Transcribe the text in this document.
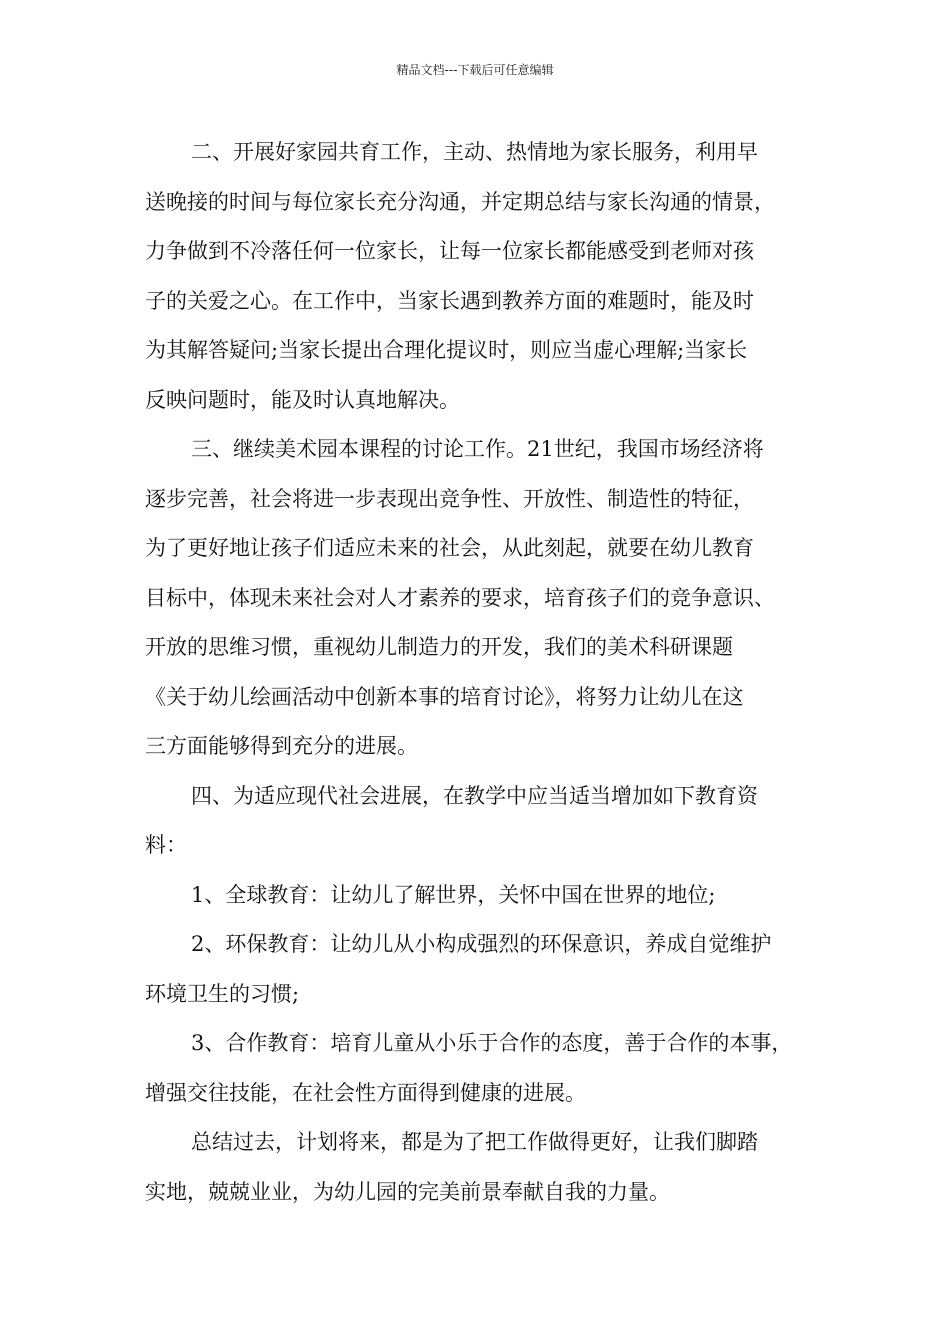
精品文档---下载后可任意编辑
二、开展好家园共育工作，主动、热情地为家长服务，利用早
送晚接的时间与每位家长充分沟通，并定期总结与家长沟通的情景，
力争做到不冷落任何一位家长，让每一位家长都能感受到老师对孩
子的关爱之心。在工作中，当家长遇到教养方面的难题时，能及时
为其解答疑问;当家长提出合理化提议时，则应当虚心理解;当家长
反映问题时，能及时认真地解决。
三、继续美术园本课程的讨论工作。21世纪，我国市场经济将
逐步完善，社会将进一步表现出竞争性、开放性、制造性的特征，
为了更好地让孩子们适应未来的社会，从此刻起，就要在幼儿教育
目标中，体现未来社会对人才素养的要求，培育孩子们的竞争意识、
开放的思维习惯，重视幼儿制造力的开发，我们的美术科研课题
《关于幼儿绘画活动中创新本事的培育讨论》，将努力让幼儿在这
三方面能够得到充分的进展。
四、为适应现代社会进展，在教学中应当适当增加如下教育资
料：
1、全球教育：让幼儿了解世界，关怀中国在世界的地位;
2、环保教育：让幼儿从小构成强烈的环保意识，养成自觉维护
环境卫生的习惯;
3、合作教育：培育儿童从小乐于合作的态度，善于合作的本事，
增强交往技能，在社会性方面得到健康的进展。
总结过去，计划将来，都是为了把工作做得更好，让我们脚踏
实地，兢兢业业，为幼儿园的完美前景奉献自我的力量。
